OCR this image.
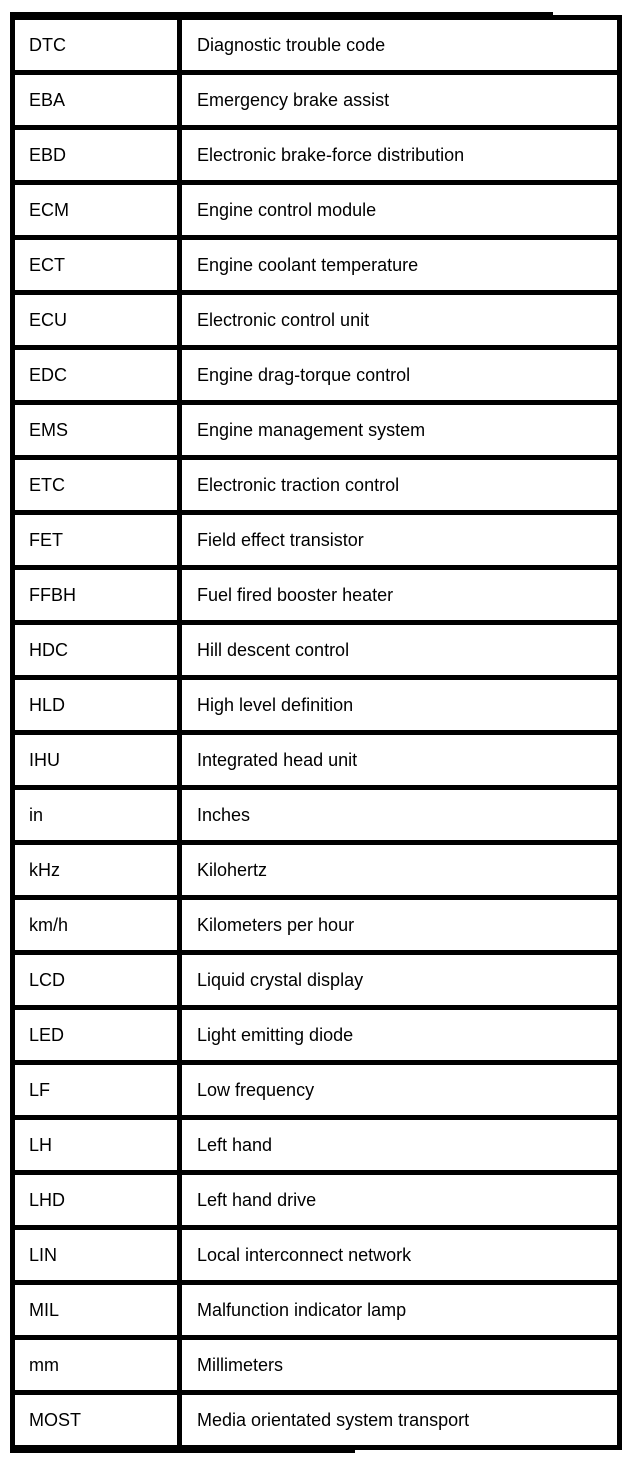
DTC	Diagnostic trouble code
EBA	Emergency brake assist
EBD	Electronic brake-force distribution
ECM	Engine control module
ECT	Engine coolant temperature
ECU	Electronic control unit
EDC	Engine drag-torque control
EMS	Engine management system
ETC	Electronic traction control
FET	Field effect transistor
FFBH	Fuel fired booster heater
HDC	Hill descent control
HLD	High level definition
IHU	Integrated head unit
in	Inches
kHz	Kilohertz
km/h	Kilometers per hour
LCD	Liquid crystal display
LED	Light emitting diode
LF	Low frequency
LH	Left hand
LHD	Left hand drive
LIN	Local interconnect network
MIL	Malfunction indicator lamp
mm	Millimeters
MOST	Media orientated system transport
